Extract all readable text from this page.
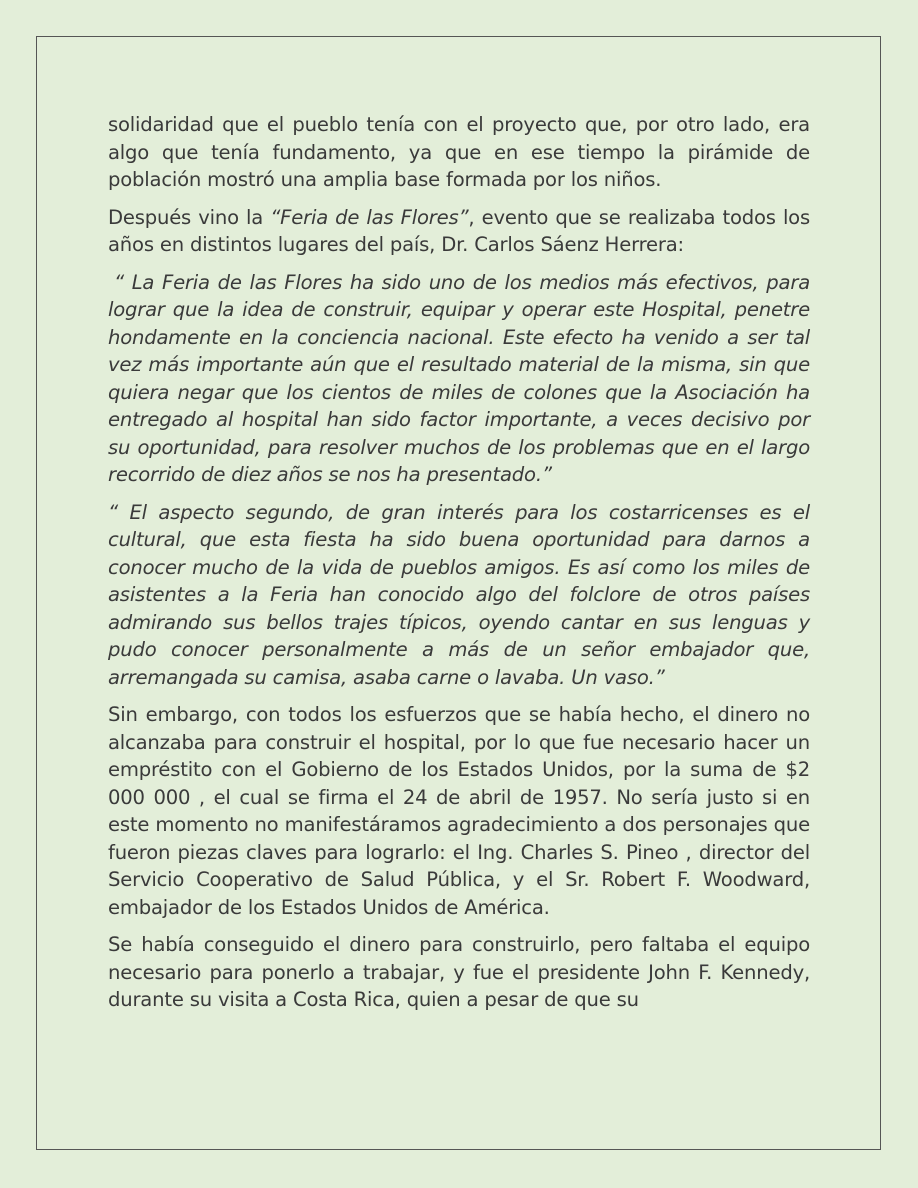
solidaridad que el pueblo tenía con el proyecto que, por otro lado, era algo que tenía fundamento, ya que en ese tiempo la pirámide de población mostró una amplia base formada por los niños.

Después vino la “Feria de las Flores”, evento que se realizaba todos los años en distintos lugares del país, Dr. Carlos Sáenz Herrera:

“ La Feria de las Flores ha sido uno de los medios más efectivos, para lograr que la idea de construir, equipar y operar este Hospital, penetre hondamente en la conciencia nacional. Este efecto ha venido a ser tal vez más importante aún que el resultado material de la misma, sin que quiera negar que los cientos de miles de colones que la Asociación ha entregado al hospital han sido factor importante, a veces decisivo por su oportunidad, para resolver muchos de los problemas que en el largo recorrido de diez años se nos ha presentado.”

“ El aspecto segundo, de gran interés para los costarricenses es el cultural, que esta fiesta ha sido buena oportunidad para darnos a conocer mucho de la vida de pueblos amigos. Es así como los miles de asistentes a la Feria han conocido algo del folclore de otros países admirando sus bellos trajes típicos, oyendo cantar en sus lenguas y pudo conocer personalmente a más de un señor embajador que, arremangada su camisa, asaba carne o lavaba. Un vaso.”

Sin embargo, con todos los esfuerzos que se había hecho, el dinero no alcanzaba para construir el hospital, por lo que fue necesario hacer un empréstito con el Gobierno de los Estados Unidos, por la suma de $2 000 000 , el cual se firma el 24 de abril de 1957. No sería justo si en este momento no manifestáramos agradecimiento a dos personajes que fueron piezas claves para lograrlo: el Ing. Charles S. Pineo , director del Servicio Cooperativo de Salud Pública, y el Sr. Robert F. Woodward, embajador de los Estados Unidos de América.

Se había conseguido el dinero para construirlo, pero faltaba el equipo necesario para ponerlo a trabajar, y fue el presidente John F. Kennedy, durante su visita a Costa Rica, quien a pesar de que su
